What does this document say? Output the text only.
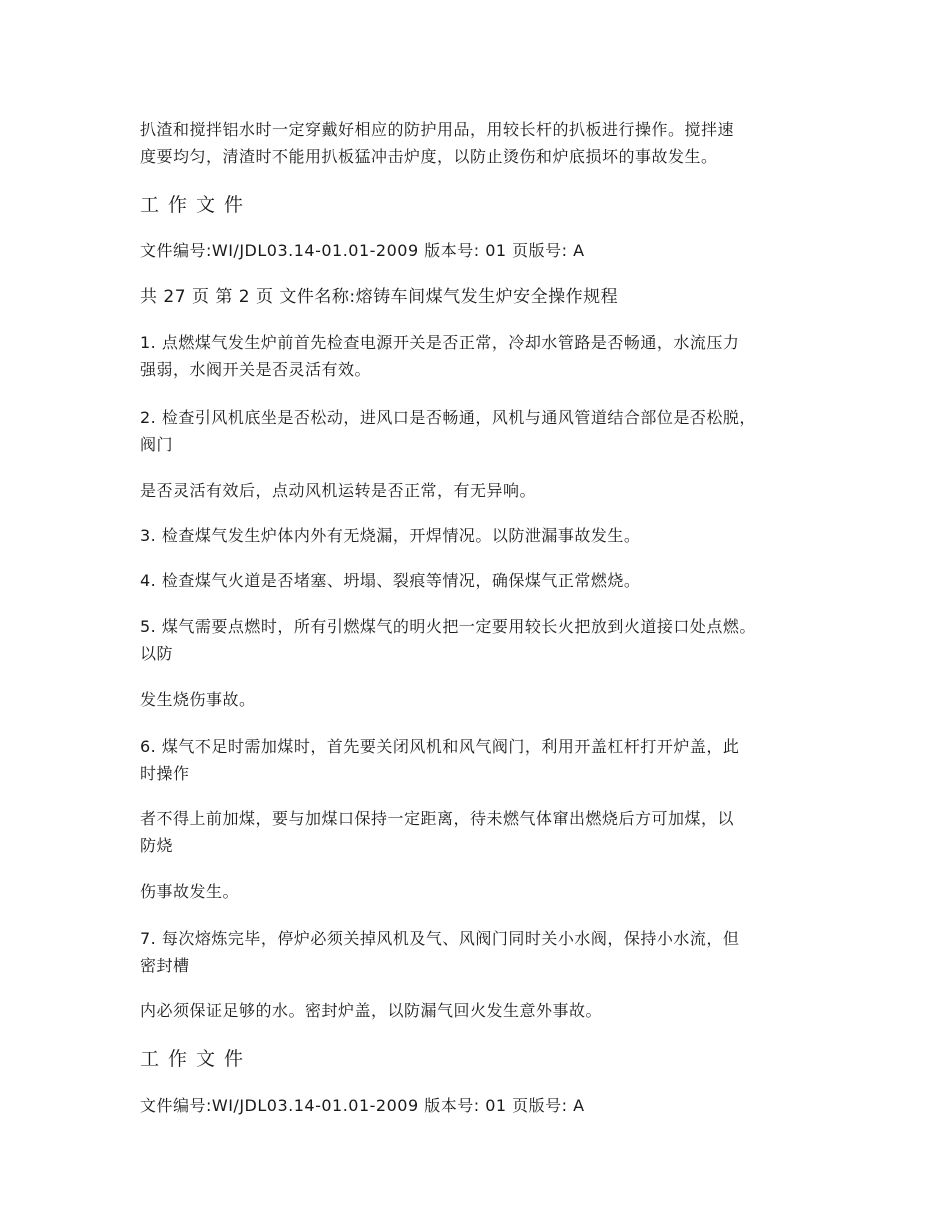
扒渣和搅拌铝水时一定穿戴好相应的防护用品，用较长杆的扒板进行操作。搅拌速
度要均匀，清渣时不能用扒板猛冲击炉度，以防止烫伤和炉底损坏的事故发生。
工作文件
文件编号:WI/JDL03.14-01.01-2009 版本号: 01 页版号: A
共 27 页 第 2 页 文件名称:熔铸车间煤气发生炉安全操作规程
1. 点燃煤气发生炉前首先检查电源开关是否正常，冷却水管路是否畅通，水流压力
强弱，水阀开关是否灵活有效。
2. 检查引风机底坐是否松动，进风口是否畅通，风机与通风管道结合部位是否松脱，
阀门
是否灵活有效后，点动风机运转是否正常，有无异响。
3. 检查煤气发生炉体内外有无烧漏，开焊情况。以防泄漏事故发生。
4. 检查煤气火道是否堵塞、坍塌、裂痕等情况，确保煤气正常燃烧。
5. 煤气需要点燃时，所有引燃煤气的明火把一定要用较长火把放到火道接口处点燃。
以防
发生烧伤事故。
6. 煤气不足时需加煤时，首先要关闭风机和风气阀门，利用开盖杠杆打开炉盖，此
时操作
者不得上前加煤，要与加煤口保持一定距离，待未燃气体窜出燃烧后方可加煤，以
防烧
伤事故发生。
7. 每次熔炼完毕，停炉必须关掉风机及气、风阀门同时关小水阀，保持小水流，但
密封槽
内必须保证足够的水。密封炉盖，以防漏气回火发生意外事故。
工作文件
文件编号:WI/JDL03.14-01.01-2009 版本号: 01 页版号: A
